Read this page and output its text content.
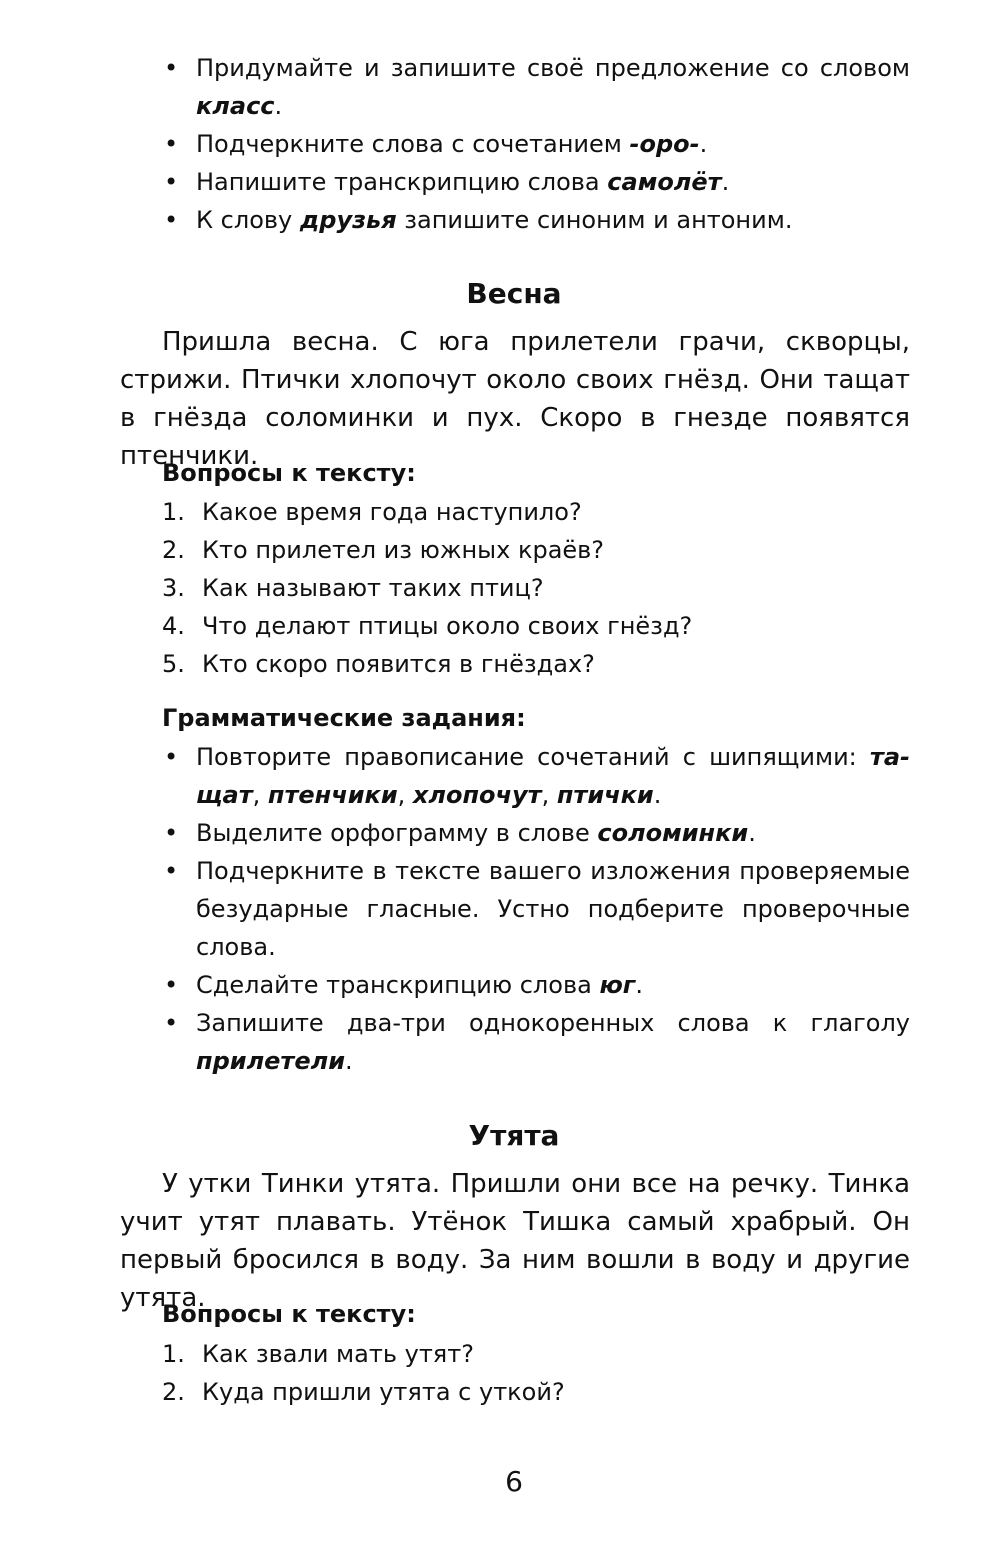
• Придумайте и запишите своё предложение со словом класс.
• Подчеркните слова с сочетанием -оро-.
• Напишите транскрипцию слова самолёт.
• К слову друзья запишите синоним и антоним.
Весна

Пришла весна. С юга прилетели грачи, скворцы, стрижи. Птички хлопочут около своих гнёзд. Они тащат в гнёзда соломинки и пух. Скоро в гнезде появятся птенчики.

Вопросы к тексту:
1. Какое время года наступило?
2. Кто прилетел из южных краёв?
3. Как называют таких птиц?
4. Что делают птицы около своих гнёзд?
5. Кто скоро появится в гнёздах?
Грамматические задания:
• Повторите правописание сочетаний с шипящими: тащат, птенчики, хлопочут, птички.
• Выделите орфограмму в слове соломинки.
• Подчеркните в тексте вашего изложения проверяемые безударные гласные. Устно подберите проверочные слова.
• Сделайте транскрипцию слова юг.
• Запишите два-три однокоренных слова к глаголу прилетели.
Утята

У утки Тинки утята. Пришли они все на речку. Тинка учит утят плавать. Утёнок Тишка самый храбрый. Он первый бросился в воду. За ним вошли в воду и другие утята.

Вопросы к тексту:
1. Как звали мать утят?
2. Куда пришли утята с уткой?
6
